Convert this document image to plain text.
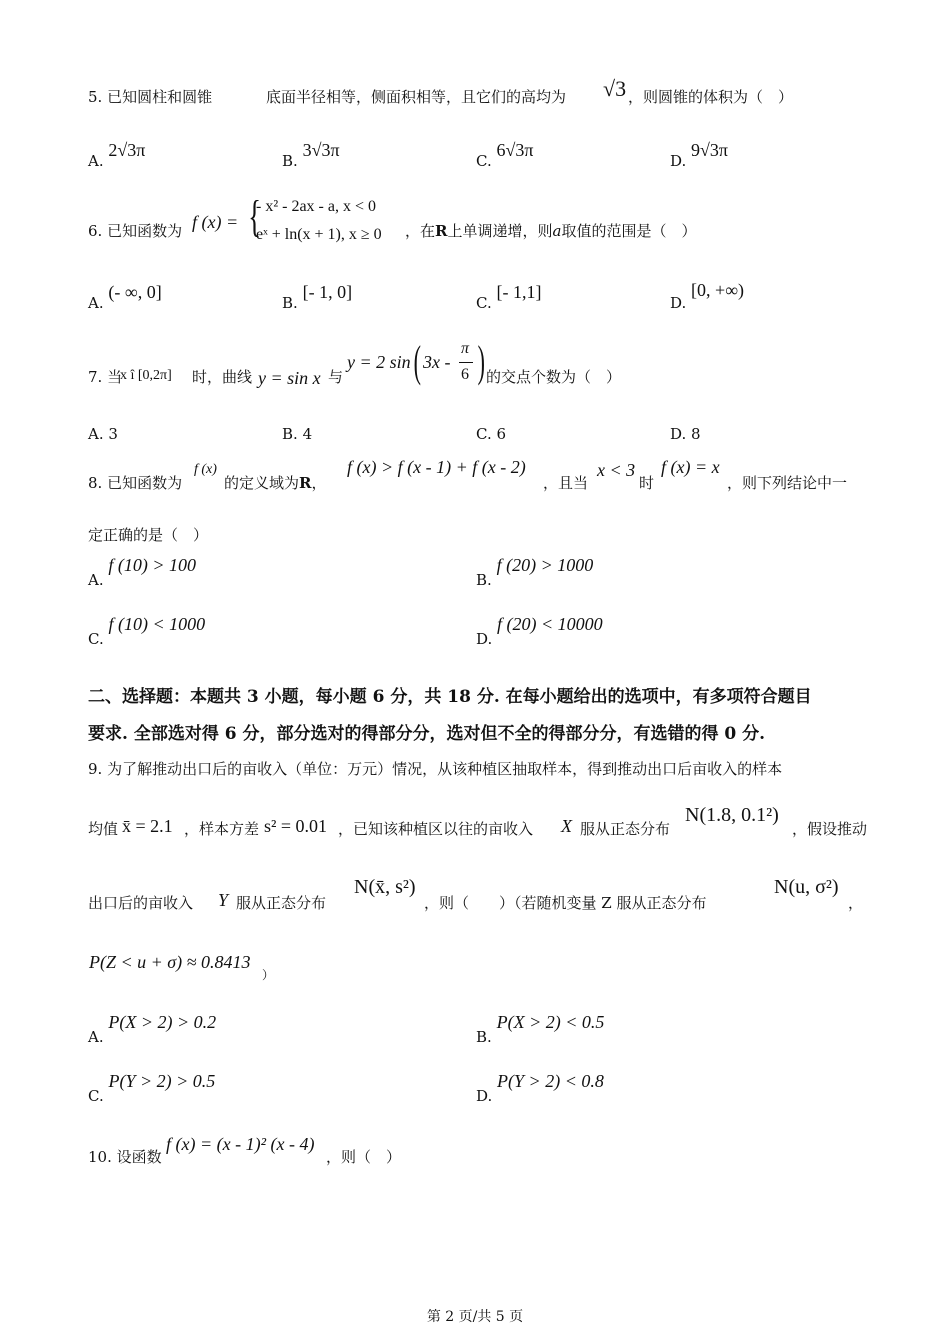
5. 已知圆柱和圆锥	底面半径相等，侧面积相等，且它们的高均为 √3 ，则圆锥的体积为（　）
A. 2√3π
B. 3√3π
C. 6√3π
D. 9√3π
6. 已知函数为 f (x) = {
- x² - 2ax - a, x < 0
eˣ + ln(x + 1), x ≥ 0 ，在R上单调递增，则a取值的范围是（　）
A. (- ∞, 0]
B. [- 1, 0]
C. [- 1,1]
D. [0, +∞)
7. 当
x î [0,2π] 时，曲线 y = sin x 与
y = 2 sin ( 3x -
π
6 ) 的交点个数为（　）
A. 3	B. 4	C. 6	D. 8
8. 已知函数为
f (x)
的定义域为R，
f (x) > f (x - 1) + f (x - 2)
，且当
x < 3
时
f (x) = x
，则下列结论中一
定正确的是（　）
A. f (10) > 100
B. f (20) > 1000
C. f (10) < 1000
D. f (20) < 10000
二、选择题：本题共 3 小题，每小题 6 分，共 18 分. 在每小题给出的选项中，有多项符合题目
要求. 全部选对得 6 分，部分选对的得部分分，选对但不全的得部分分，有选错的得 0 分.
9. 为了解推动出口后的亩收入（单位：万元）情况，从该种植区抽取样本，得到推动出口后亩收入的样本
均值 x̄ = 2.1 ，样本方差 s² = 0.01 ，已知该种植区以往的亩收入 X 服从正态分布
N(1.8, 0.1²)
，假设推动
出口后的亩收入 Y 服从正态分布
N(x̄, s²)
，则（　　）（若随机变量 Z 服从正态分布
N(u, σ²)
，
P(Z < u + σ) ≈ 0.8413
）
A. P(X > 2) > 0.2
B. P(X > 2) < 0.5
C. P(Y > 2) > 0.5
D. P(Y > 2) < 0.8
10. 设函数
f (x) = (x - 1)² (x - 4)
，则（　）
第 2 页/共 5 页
